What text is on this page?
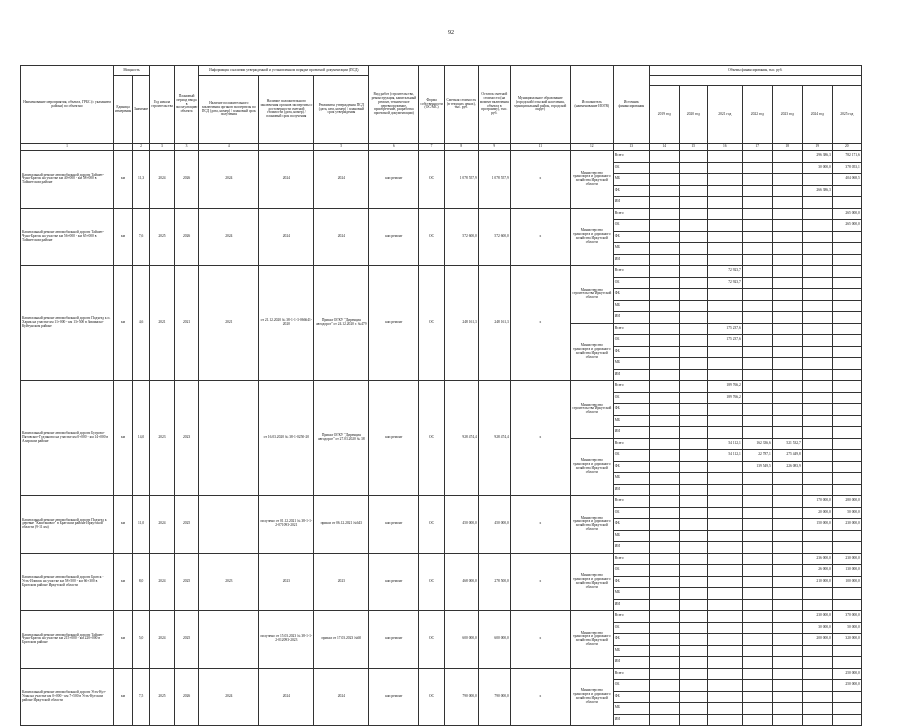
92
Наименование мероприятия, объекта, ГРБС (с указанием района) по объектно	Мощность		Год начала строительства	Плановый период ввода в эксплуатацию объекта	Информация о наличии утвержденной и установленном порядке проектной документации (ПСД)			Вид работ (строительство, реконструкция, капитальный ремонт, техническое перевооружение, приобретение, разработка проектной документации)	Форма собственности (ОС/МС)	Сметная стоимость (в текущих ценах), тыс. руб.	Остаток сметной стоимости (на момент включения объекта в программу), тыс. руб.	Муниципальное образование (городской/сельский населения, муниципальный район, городской округ)	Исполнитель (наименование ИОГВ)	Источник финансирования	Объемы финансирования, тыс. руб.						
	Единица измерения	Значение			Наличие положительного заключения органов экспертизы по ПСД (дата, номер) / плановый срок получения	Наличие положительного заключения органов экспертизы о достоверности сметной стоимости (дата, номер) / плановый срок получения	Реквизиты утверждения ПСД (дата, кем, номер) / плановый срок утверждения														
															2019 год	2020 год	2021 год	2022 год	2023 год	2024 год	2025 год
1		2	3	3	4		5	6	7	8	9	11	12	13	14	15	16	17	18	19	20
Капитальный ремонт автомобильной дороги Тайшет-Чуна-Братск на участке км 40+000 - км 58+000 в Тайшетском районе	км	11,3	2024	2026	2024	2024	2024	кап ремонт	ОС	1 078 557,9	1 078 557,9	х	Министерство транспорта и дорожного хозяйства Иркутской области	Всего						296 386,3	782 171,6
														ОБ						30 000,0	378 053,1
														МБ							404 068,5
														ФБ						266 386,3	
														ИИ							
Капитальный ремонт автомобильной дороги Тайшет-Чуна-Братск на участке км 56+000 - км 65+000 в Тайшетском районе	км	7,6	2025	2026	2024	2024	2024	кап ремонт	ОС	572 600,0	572 600,0	х	Министерство транспорта и дорожного хозяйства Иркутской области	Всего							265 000,0
														ОБ							265 000,0
														ФБ							
														МБ							
														ИИ							
Капитальный ремонт автомобильной дороги Подъезд к п. Харик на участке км 11+000 - км 13+500 в Зиминско-Куйтунском районе	км	4,6	2021	2021	2021	от 21.12.2020 № 38-1-1-3-066641-2020	Приказ ОГКУ "Дирекция автодорог" от 24.12.2020 г. №479	кап ремонт	ОС	248 161,3	248 161,3	х	Министерство строительства Иркутской области	Всего			72 923,7				
														ОБ			72 923,7				
														ФБ							
														МБ							
														ИИ							
													Министерство транспорта и дорожного хозяйства Иркутской области	Всего			175 237,6				
														ОБ			175 237,6				
														ФБ							
														МБ							
														ИИ							
Капитальный ремонт автомобильной дороги Бугрово-Пятовское-Гудзаново на участке км 0+000 - км 14+000 в Аларском районе	км	14,0	2023	2023		от 16.03.2020 № 38-1-0250-20	Приказ ОГКУ "Дирекция автодорог" от 27.03.2020 № 38	кап ремонт	ОС	928 474,4	928 474,4	х	Министерство строительства Иркутской области	Всего			189 766,2				
														ОБ			189 766,2				
														ФБ							
														МБ							
														ИИ							
													Министерство транспорта и дорожного хозяйства Иркутской области	Всего			54 112,1	162 336,6	521 532,7		
														ОБ			54 112,1	22 787,1	275 449,8		
														ФБ				139 549,5	226 083,9		
														МБ							
														ИИ							
Капитальный ремонт автомобильной дороги Подъезд к деревне "Каштаковое" в Братском районе Иркутской области (9-11 км)	км	11,0	2024	2025		получено от 01.12.2021 № 38-1-1-2-071093-2021	приказ от 06.12.2021 №643	кап ремонт	ОС	450 000,0	450 000,0	х	Министерство транспорта и дорожного хозяйства Иркутской области	Всего						170 000,0	280 000,0
														ОБ						20 000,0	50 000,0
														ФБ						150 000,0	230 000,0
														МБ							
														ИИ							
Капитальный ремонт автомобильной дороги Братск - Усть-Илимск на участке км 58+500 - км 66+300 в Братском районе Иркутской области	км	8,0	2024	2025	2023	2023	2023	кап ремонт	ОС	468 000,0	278 500,0	х	Министерство транспорта и дорожного хозяйства Иркутской области	Всего						236 000,0	230 000,0
														ОБ						26 000,0	130 000,0
														ФБ						210 000,0	100 000,0
														МБ							
														ИИ							
Капитальный ремонт автомобильной дороги Тайшет-Чуна-Братск на участке км 215+000 - км 220+000 в Братском районе	км	5,0	2024	2025		получено от 15.03.2023 № 38-1-1-2-012093-2023	приказ от 17.03.2023 №60	кап ремонт	ОС	600 000,0	600 000,0	х	Министерство транспорта и дорожного хозяйства Иркутской области	Всего						230 000,0	370 000,0
														ОБ						30 000,0	50 000,0
														ФБ						200 000,0	320 000,0
														МБ							
														ИИ							
Капитальный ремонт автомобильной дороги Усть-Кут-Уоян на участке км 0+000 - км 7+500 в Усть-Кутском районе Иркутской области	км	7,5	2025	2026	2024	2024	2024	кап ремонт	ОС	790 000,0	790 000,0	х	Министерство транспорта и дорожного хозяйства Иркутской области	Всего							250 000,0
														ОБ							250 000,0
														ФБ							
														МБ							
														ИИ							
